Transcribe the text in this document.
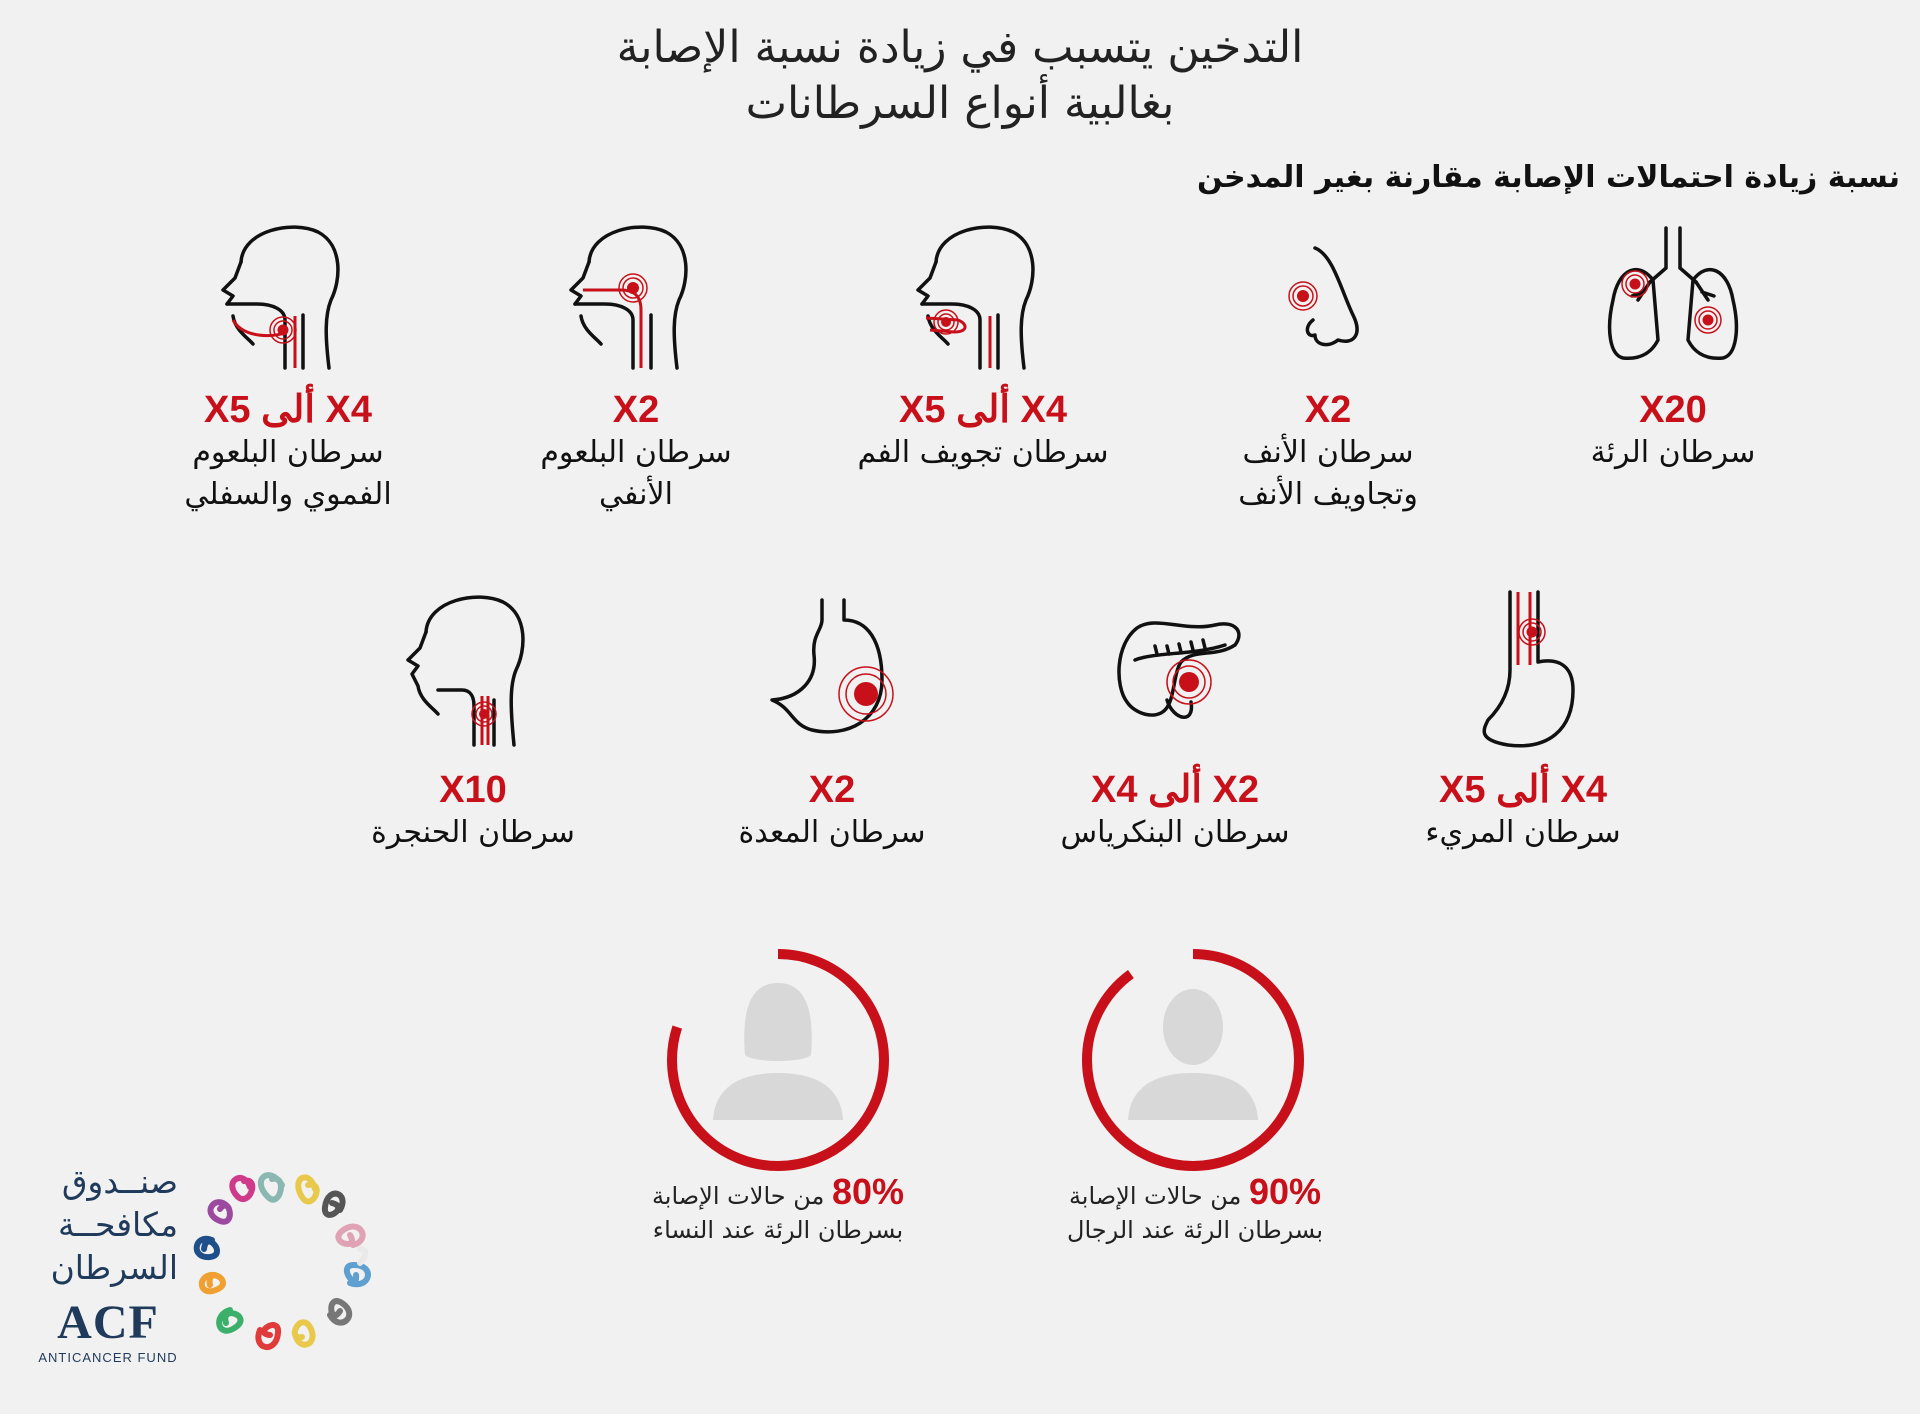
التدخين يتسبب في زيادة نسبة الإصابة
بغالبية أنواع السرطانات
نسبة زيادة احتمالات الإصابة مقارنة بغير المدخن
X20
سرطان الرئة
X2
سرطان الأنف
وتجاويف الأنف
X4 ألى X5
سرطان تجويف الفم
X2
سرطان البلعوم
الأنفي
X4 ألى X5
سرطان البلعوم
الفموي والسفلي
X4 ألى X5
سرطان المريء
X2 ألى X4
سرطان البنكرياس
X2
سرطان المعدة
X10
سرطان الحنجرة
90% من حالات الإصابة
بسرطان الرئة عند الرجال
80% من حالات الإصابة
بسرطان الرئة عند النساء
صنــدوق
مكافحــة
السرطان
ACF
ANTICANCER FUND
